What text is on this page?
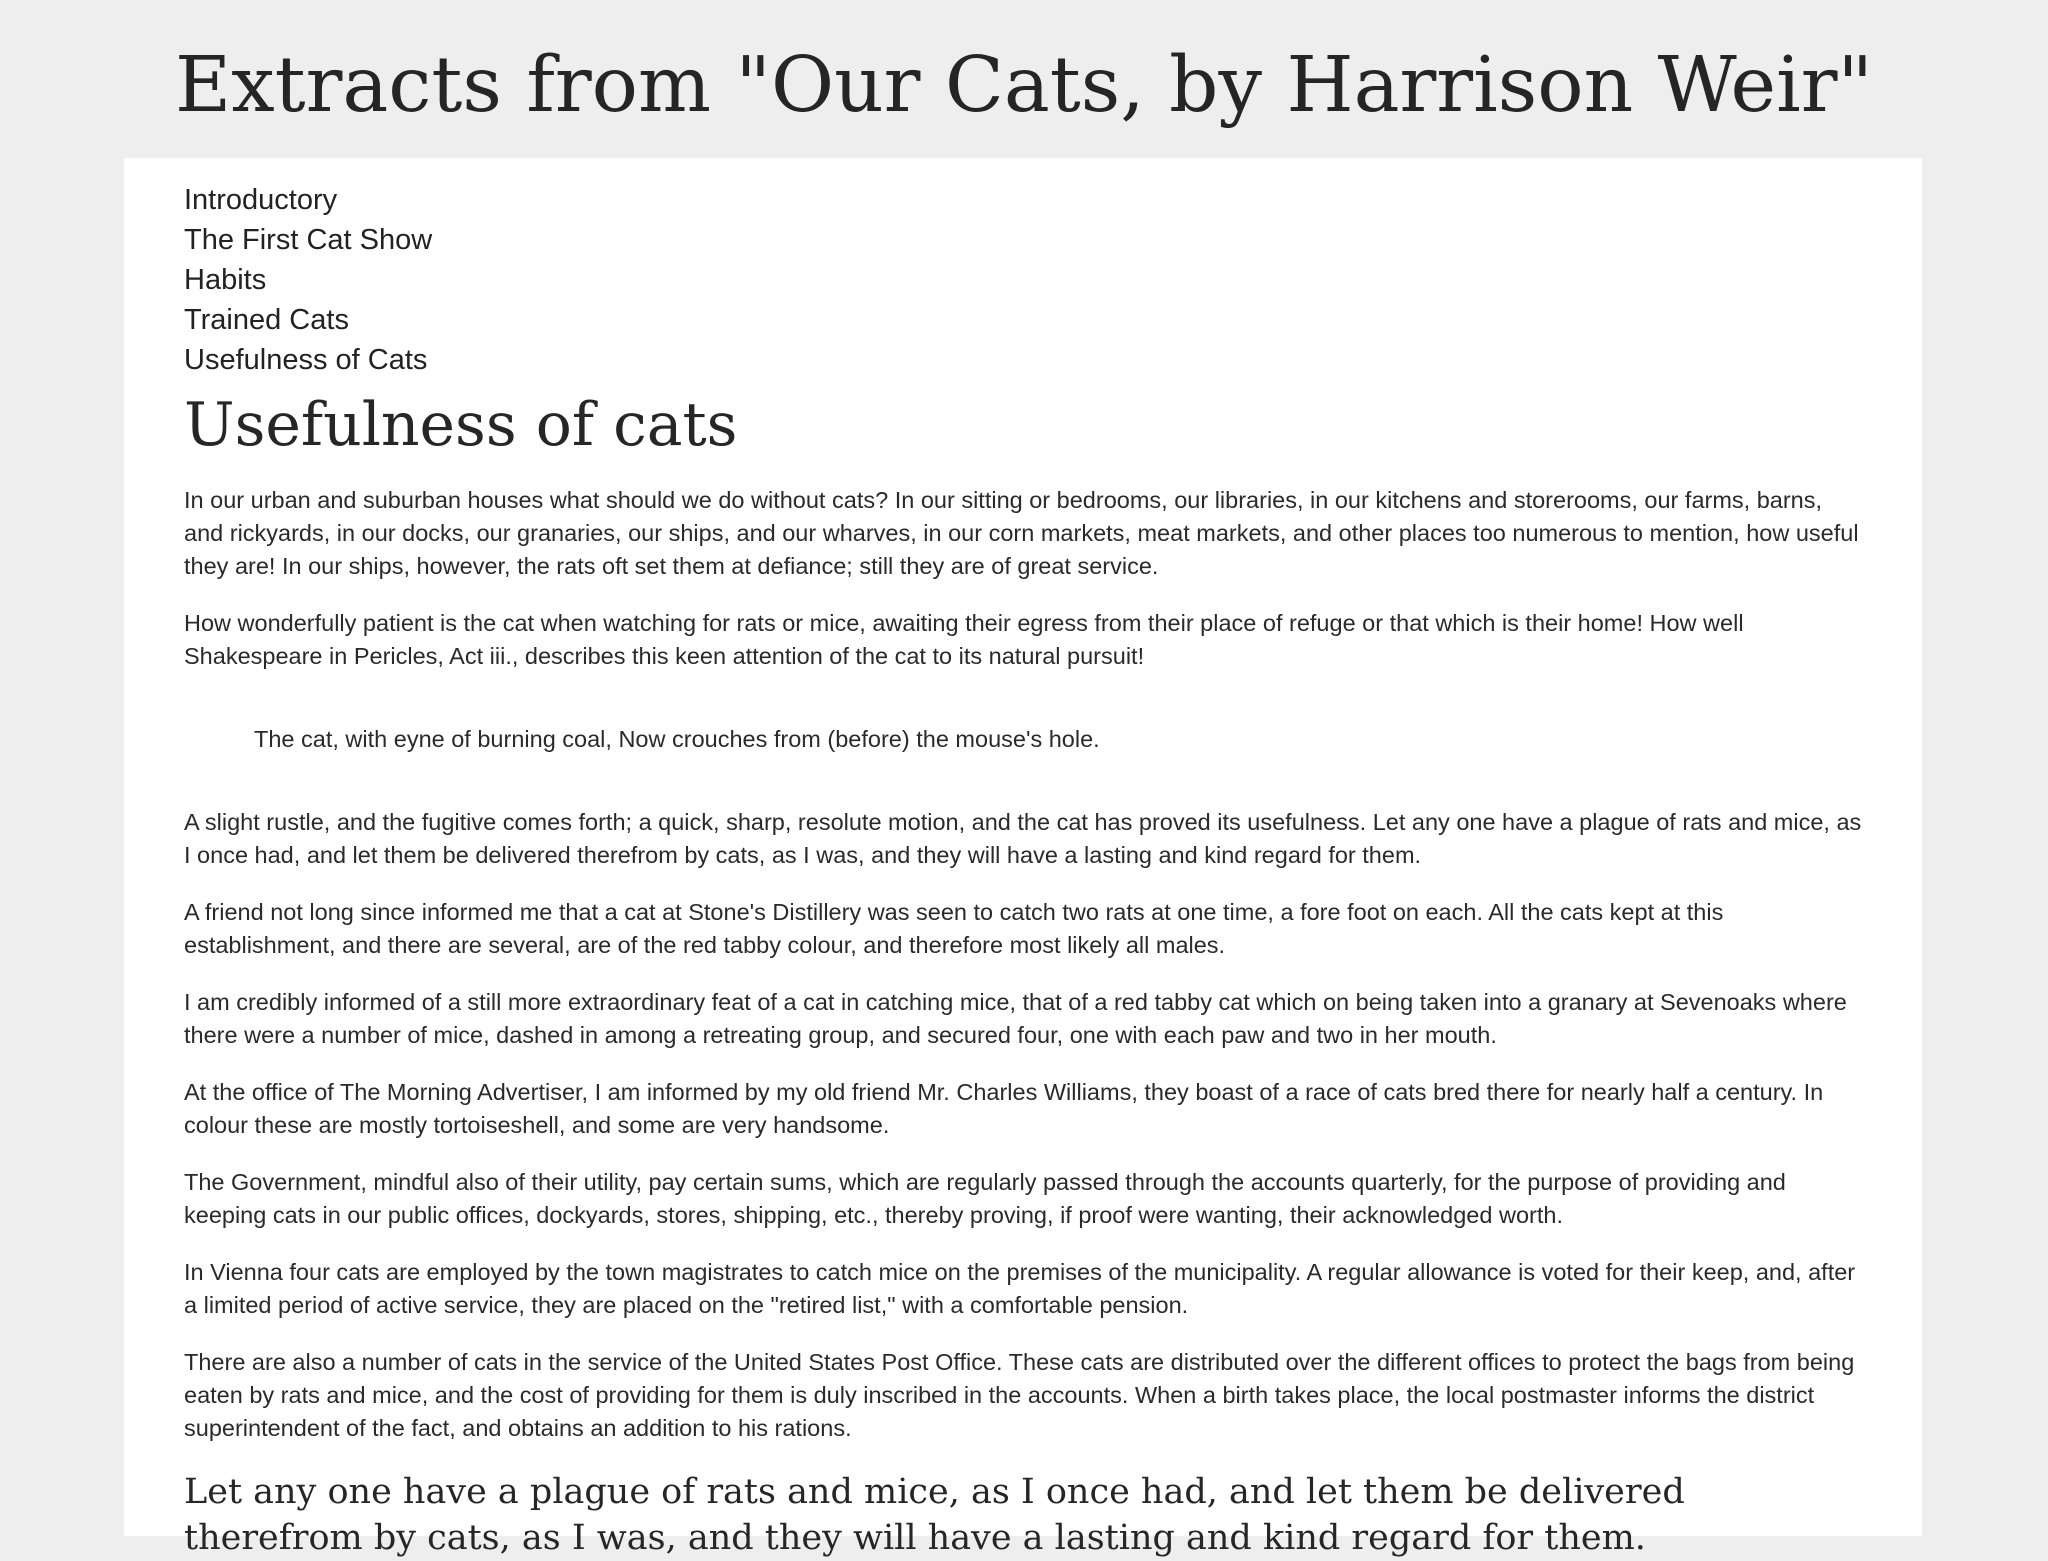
Extracts from "Our Cats, by Harrison Weir"
Introductory
The First Cat Show
Habits
Trained Cats
Usefulness of Cats
Usefulness of cats

In our urban and suburban houses what should we do without cats? In our sitting or bedrooms, our libraries, in our kitchens and storerooms, our farms, barns, and rickyards, in our docks, our granaries, our ships, and our wharves, in our corn markets, meat markets, and other places too numerous to mention, how useful they are! In our ships, however, the rats oft set them at defiance; still they are of great service.

How wonderfully patient is the cat when watching for rats or mice, awaiting their egress from their place of refuge or that which is their home! How well Shakespeare in Pericles, Act iii., describes this keen attention of the cat to its natural pursuit!

The cat, with eyne of burning coal, Now crouches from (before) the mouse's hole.

A slight rustle, and the fugitive comes forth; a quick, sharp, resolute motion, and the cat has proved its usefulness. Let any one have a plague of rats and mice, as I once had, and let them be delivered therefrom by cats, as I was, and they will have a lasting and kind regard for them.

A friend not long since informed me that a cat at Stone's Distillery was seen to catch two rats at one time, a fore foot on each. All the cats kept at this establishment, and there are several, are of the red tabby colour, and therefore most likely all males.

I am credibly informed of a still more extraordinary feat of a cat in catching mice, that of a red tabby cat which on being taken into a granary at Sevenoaks where there were a number of mice, dashed in among a retreating group, and secured four, one with each paw and two in her mouth.

At the office of The Morning Advertiser, I am informed by my old friend Mr. Charles Williams, they boast of a race of cats bred there for nearly half a century. In colour these are mostly tortoiseshell, and some are very handsome.

The Government, mindful also of their utility, pay certain sums, which are regularly passed through the accounts quarterly, for the purpose of providing and keeping cats in our public offices, dockyards, stores, shipping, etc., thereby proving, if proof were wanting, their acknowledged worth.

In Vienna four cats are employed by the town magistrates to catch mice on the premises of the municipality. A regular allowance is voted for their keep, and, after a limited period of active service, they are placed on the "retired list," with a comfortable pension.

There are also a number of cats in the service of the United States Post Office. These cats are distributed over the different offices to protect the bags from being eaten by rats and mice, and the cost of providing for them is duly inscribed in the accounts. When a birth takes place, the local postmaster informs the district superintendent of the fact, and obtains an addition to his rations.

Let any one have a plague of rats and mice, as I once had, and let them be delivered therefrom by cats, as I was, and they will have a lasting and kind regard for them.
